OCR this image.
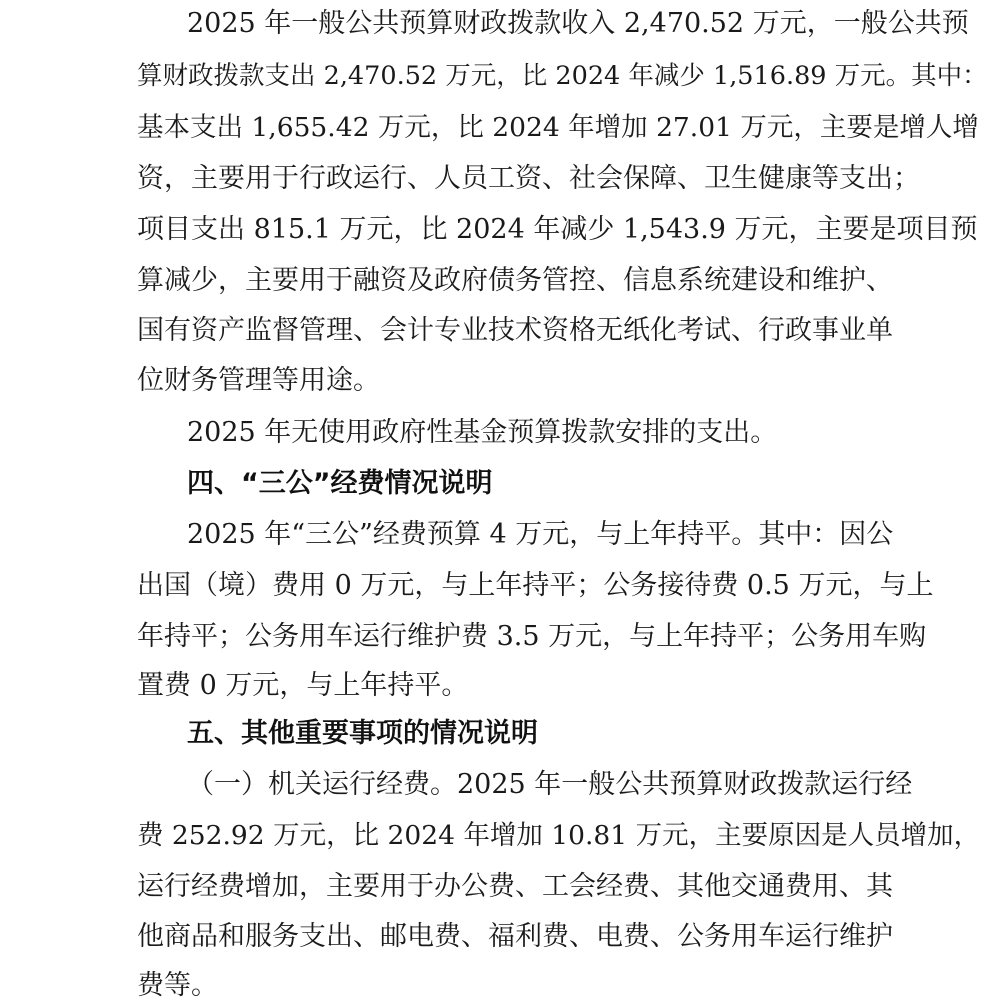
2025 年一般公共预算财政拨款收入 2,470.52 万元，一般公共预

算财政拨款支出 2,470.52 万元，比 2024 年减少 1,516.89 万元。其中：

基本支出 1,655.42 万元，比 2024 年增加 27.01 万元，主要是增人增

资，主要用于行政运行、人员工资、社会保障、卫生健康等支出；

项目支出 815.1 万元，比 2024 年减少 1,543.9 万元，主要是项目预

算减少，主要用于融资及政府债务管控、信息系统建设和维护、

国有资产监督管理、会计专业技术资格无纸化考试、行政事业单

位财务管理等用途。

2025 年无使用政府性基金预算拨款安排的支出。

四、“三公”经费情况说明

2025 年“三公”经费预算 4 万元，与上年持平。其中：因公

出国（境）费用 0 万元，与上年持平；公务接待费 0.5 万元，与上

年持平；公务用车运行维护费 3.5 万元，与上年持平；公务用车购

置费 0 万元，与上年持平。

五、其他重要事项的情况说明

（一）机关运行经费。2025 年一般公共预算财政拨款运行经

费 252.92 万元，比 2024 年增加 10.81 万元，主要原因是人员增加，

运行经费增加，主要用于办公费、工会经费、其他交通费用、其

他商品和服务支出、邮电费、福利费、电费、公务用车运行维护

费等。
